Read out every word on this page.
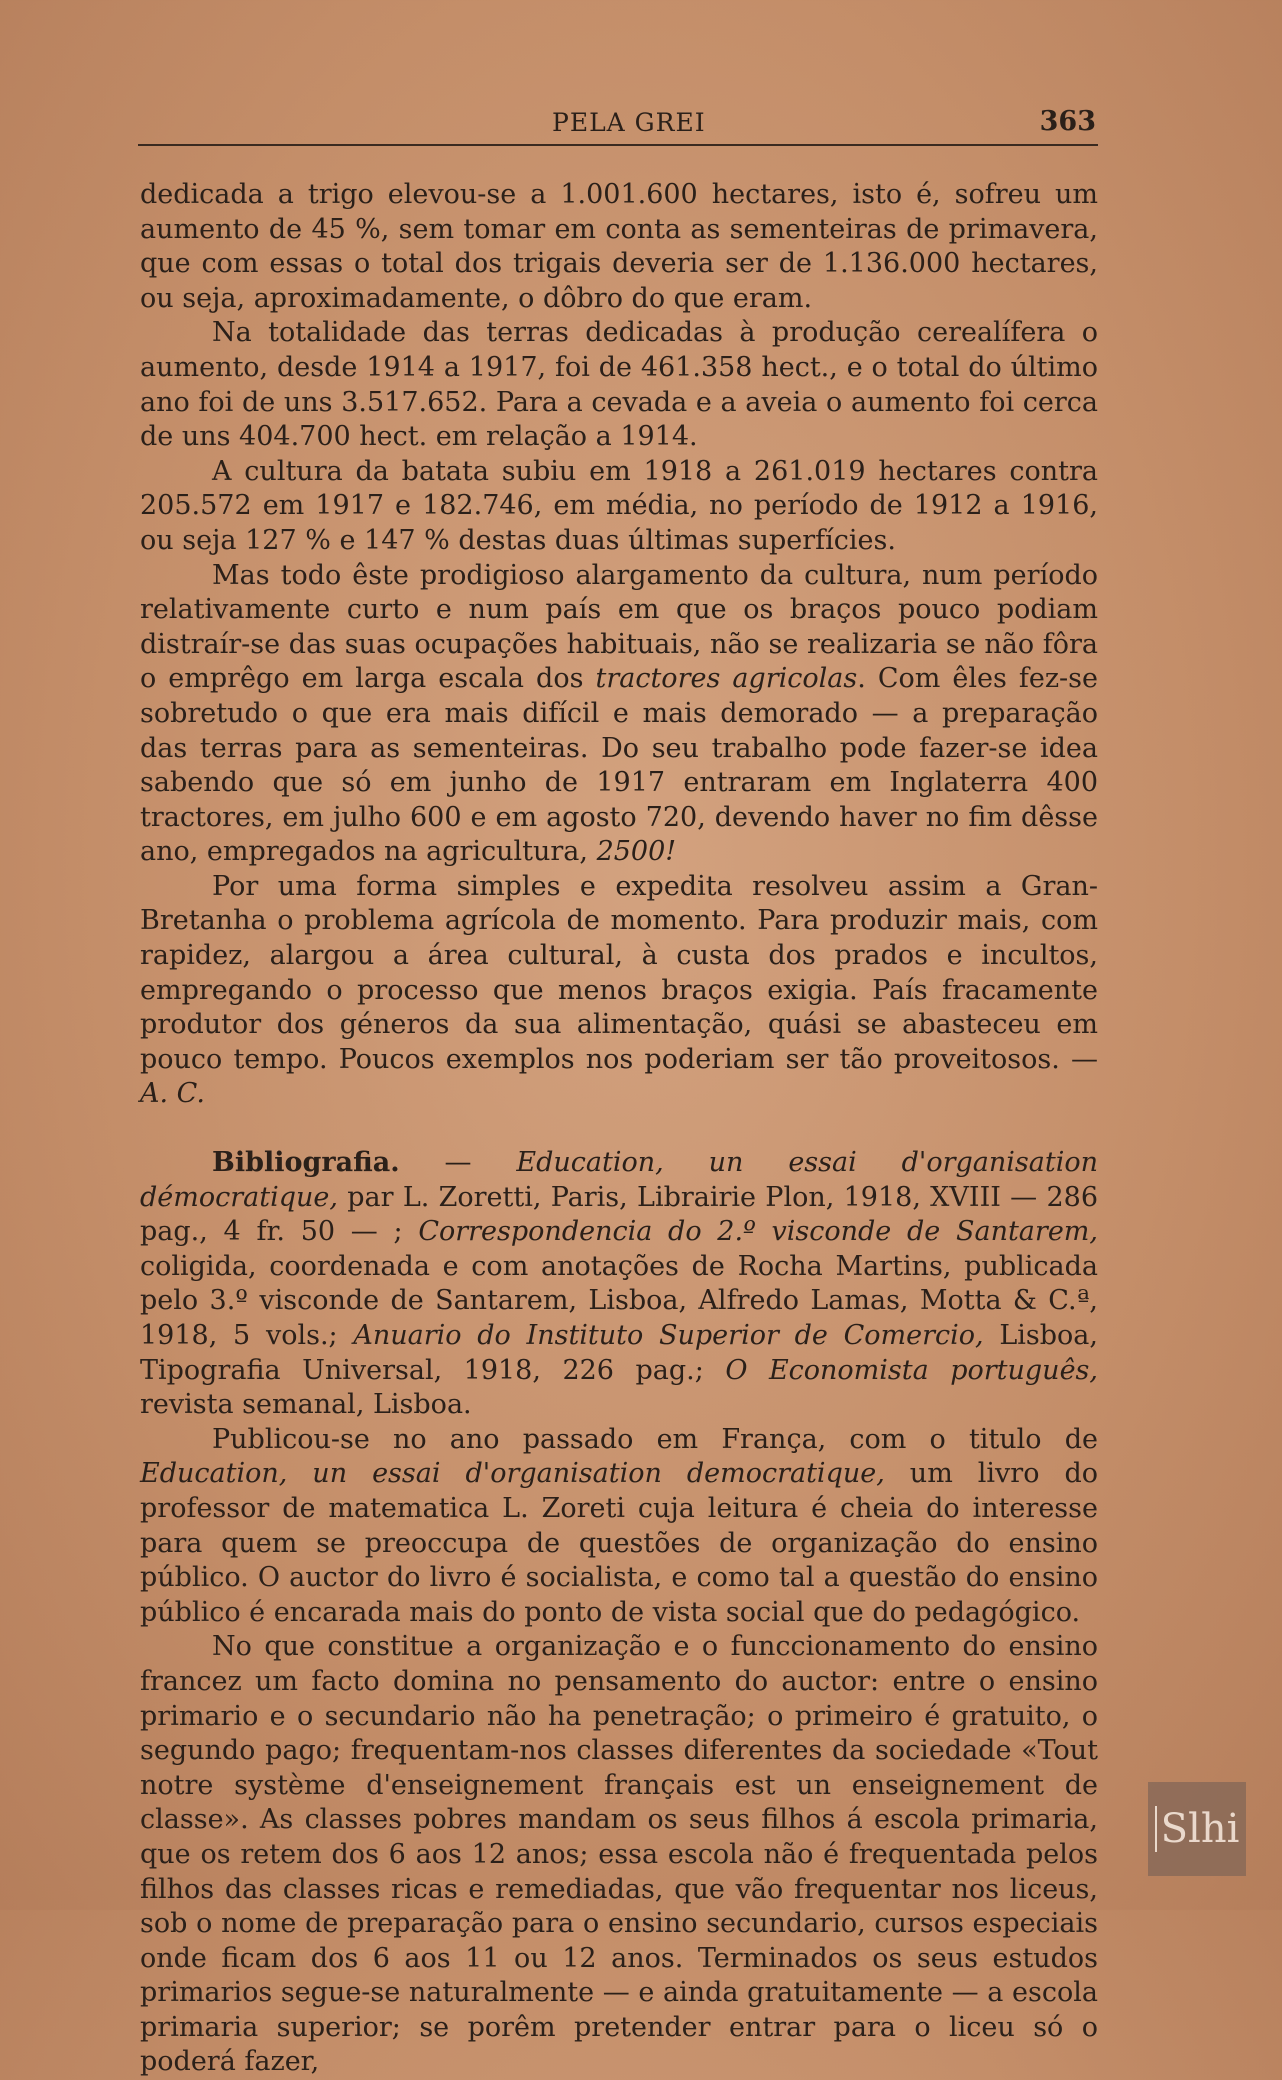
PELA GREI	363

dedicada a trigo elevou-se a 1.001.600 hectares, isto é, sofreu um aumento de 45 %, sem tomar em conta as sementeiras de primavera, que com essas o total dos trigais deveria ser de 1.136.000 hectares, ou seja, aproximadamente, o dôbro do que eram.

Na totalidade das terras dedicadas à produção cerealífera o aumento, desde 1914 a 1917, foi de 461.358 hect., e o total do último ano foi de uns 3.517.652. Para a cevada e a aveia o aumento foi cerca de uns 404.700 hect. em relação a 1914.

A cultura da batata subiu em 1918 a 261.019 hectares contra 205.572 em 1917 e 182.746, em média, no período de 1912 a 1916, ou seja 127 % e 147 % destas duas últimas superfícies.

Mas todo êste prodigioso alargamento da cultura, num período relativamente curto e num país em que os braços pouco podiam distraír-se das suas ocupações habituais, não se realizaria se não fôra o emprêgo em larga escala dos tractores agricolas. Com êles fez-se sobretudo o que era mais difícil e mais demorado — a preparação das terras para as sementeiras. Do seu trabalho pode fazer-se idea sabendo que só em junho de 1917 entraram em Inglaterra 400 tractores, em julho 600 e em agosto 720, devendo haver no fim dêsse ano, empregados na agricultura, 2500!

Por uma forma simples e expedita resolveu assim a Gran-Bretanha o problema agrícola de momento. Para produzir mais, com rapidez, alargou a área cultural, à custa dos prados e incultos, empregando o processo que menos braços exigia. País fracamente produtor dos géneros da sua alimentação, quási se abasteceu em pouco tempo. Poucos exemplos nos poderiam ser tão proveitosos. — A. C.

Bibliografia. — Education, un essai d'organisation démocratique, par L. Zoretti, Paris, Librairie Plon, 1918, XVIII — 286 pag., 4 fr. 50 — ; Correspondencia do 2.º visconde de Santarem, coligida, coordenada e com anotações de Rocha Martins, publicada pelo 3.º visconde de Santarem, Lisboa, Alfredo Lamas, Motta & C.ª, 1918, 5 vols.; Anuario do Instituto Superior de Comercio, Lisboa, Tipografia Universal, 1918, 226 pag.; O Economista português, revista semanal, Lisboa.

Publicou-se no ano passado em França, com o titulo de Education, un essai d'organisation democratique, um livro do professor de matematica L. Zoreti cuja leitura é cheia do interesse para quem se preoccupa de questões de organização do ensino público. O auctor do livro é socialista, e como tal a questão do ensino público é encarada mais do ponto de vista social que do pedagógico.

No que constitue a organização e o funccionamento do ensino francez um facto domina no pensamento do auctor: entre o ensino primario e o secundario não ha penetração; o primeiro é gratuito, o segundo pago; frequentam-nos classes diferentes da sociedade «Tout notre système d'enseignement français est un enseignement de classe». As classes pobres mandam os seus filhos á escola primaria, que os retem dos 6 aos 12 anos; essa escola não é frequentada pelos filhos das classes ricas e remediadas, que vão frequentar nos liceus, sob o nome de preparação para o ensino secundario, cursos especiais onde ficam dos 6 aos 11 ou 12 anos. Terminados os seus estudos primarios segue-se naturalmente — e ainda gratuitamente — a escola primaria superior; se porêm pretender entrar para o liceu só o poderá fazer,

Slhi
